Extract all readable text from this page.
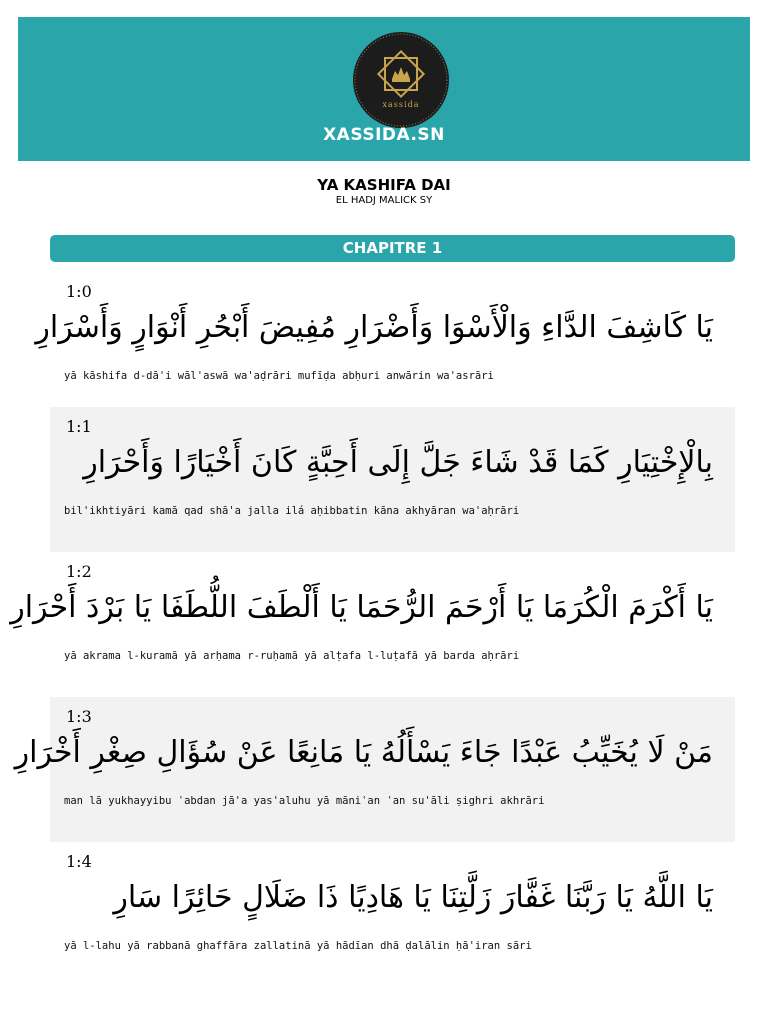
xassida
XASSIDA.SN
YA KASHIFA DAI
EL HADJ MALICK SY
CHAPITRE 1
1:0
يَا كَاشِفَ الدَّاءِ وَالْأَسْوَا وَأَضْرَارِ مُفِيضَ أَبْحُرِ أَنْوَارٍ وَأَسْرَارِ
yā kāshifa d-dā'i wāl'aswā wa'aḍrāri mufīḍa abḥuri anwārin wa'asrāri
1:1
بِالْإِخْتِيَارِ كَمَا قَدْ شَاءَ جَلَّ إِلَى أَحِبَّةٍ كَانَ أَخْيَارًا وَأَحْرَارِ
bil'ikhtiyāri kamā qad shā'a jalla ilá aḥibbatin kāna akhyāran wa'aḥrāri
1:2
يَا أَكْرَمَ الْكُرَمَا يَا أَرْحَمَ الرُّحَمَا يَا أَلْطَفَ اللُّطَفَا يَا بَرْدَ أَحْرَارِ
yā akrama l-kuramā yā arḥama r-ruḥamā yā alṭafa l-luṭafā yā barda aḥrāri
1:3
مَنْ لَا يُخَيِّبُ عَبْدًا جَاءَ يَسْأَلُهُ يَا مَانِعًا عَنْ سُؤَالِ صِغْرِ أَخْرَارِ
man lā yukhayyibu ʿabdan jā'a yas'aluhu yā māniʿan ʿan su'āli ṣighri akhrāri
1:4
يَا اللَّهُ يَا رَبَّنَا غَفَّارَ زَلَّتِنَا يَا هَادِيًا ذَا ضَلَالٍ حَائِرًا سَارِ
yā l-lahu yā rabbanā ghaffāra zallatinā yā hādīan dhā ḍalālin ḥā'iran sāri
